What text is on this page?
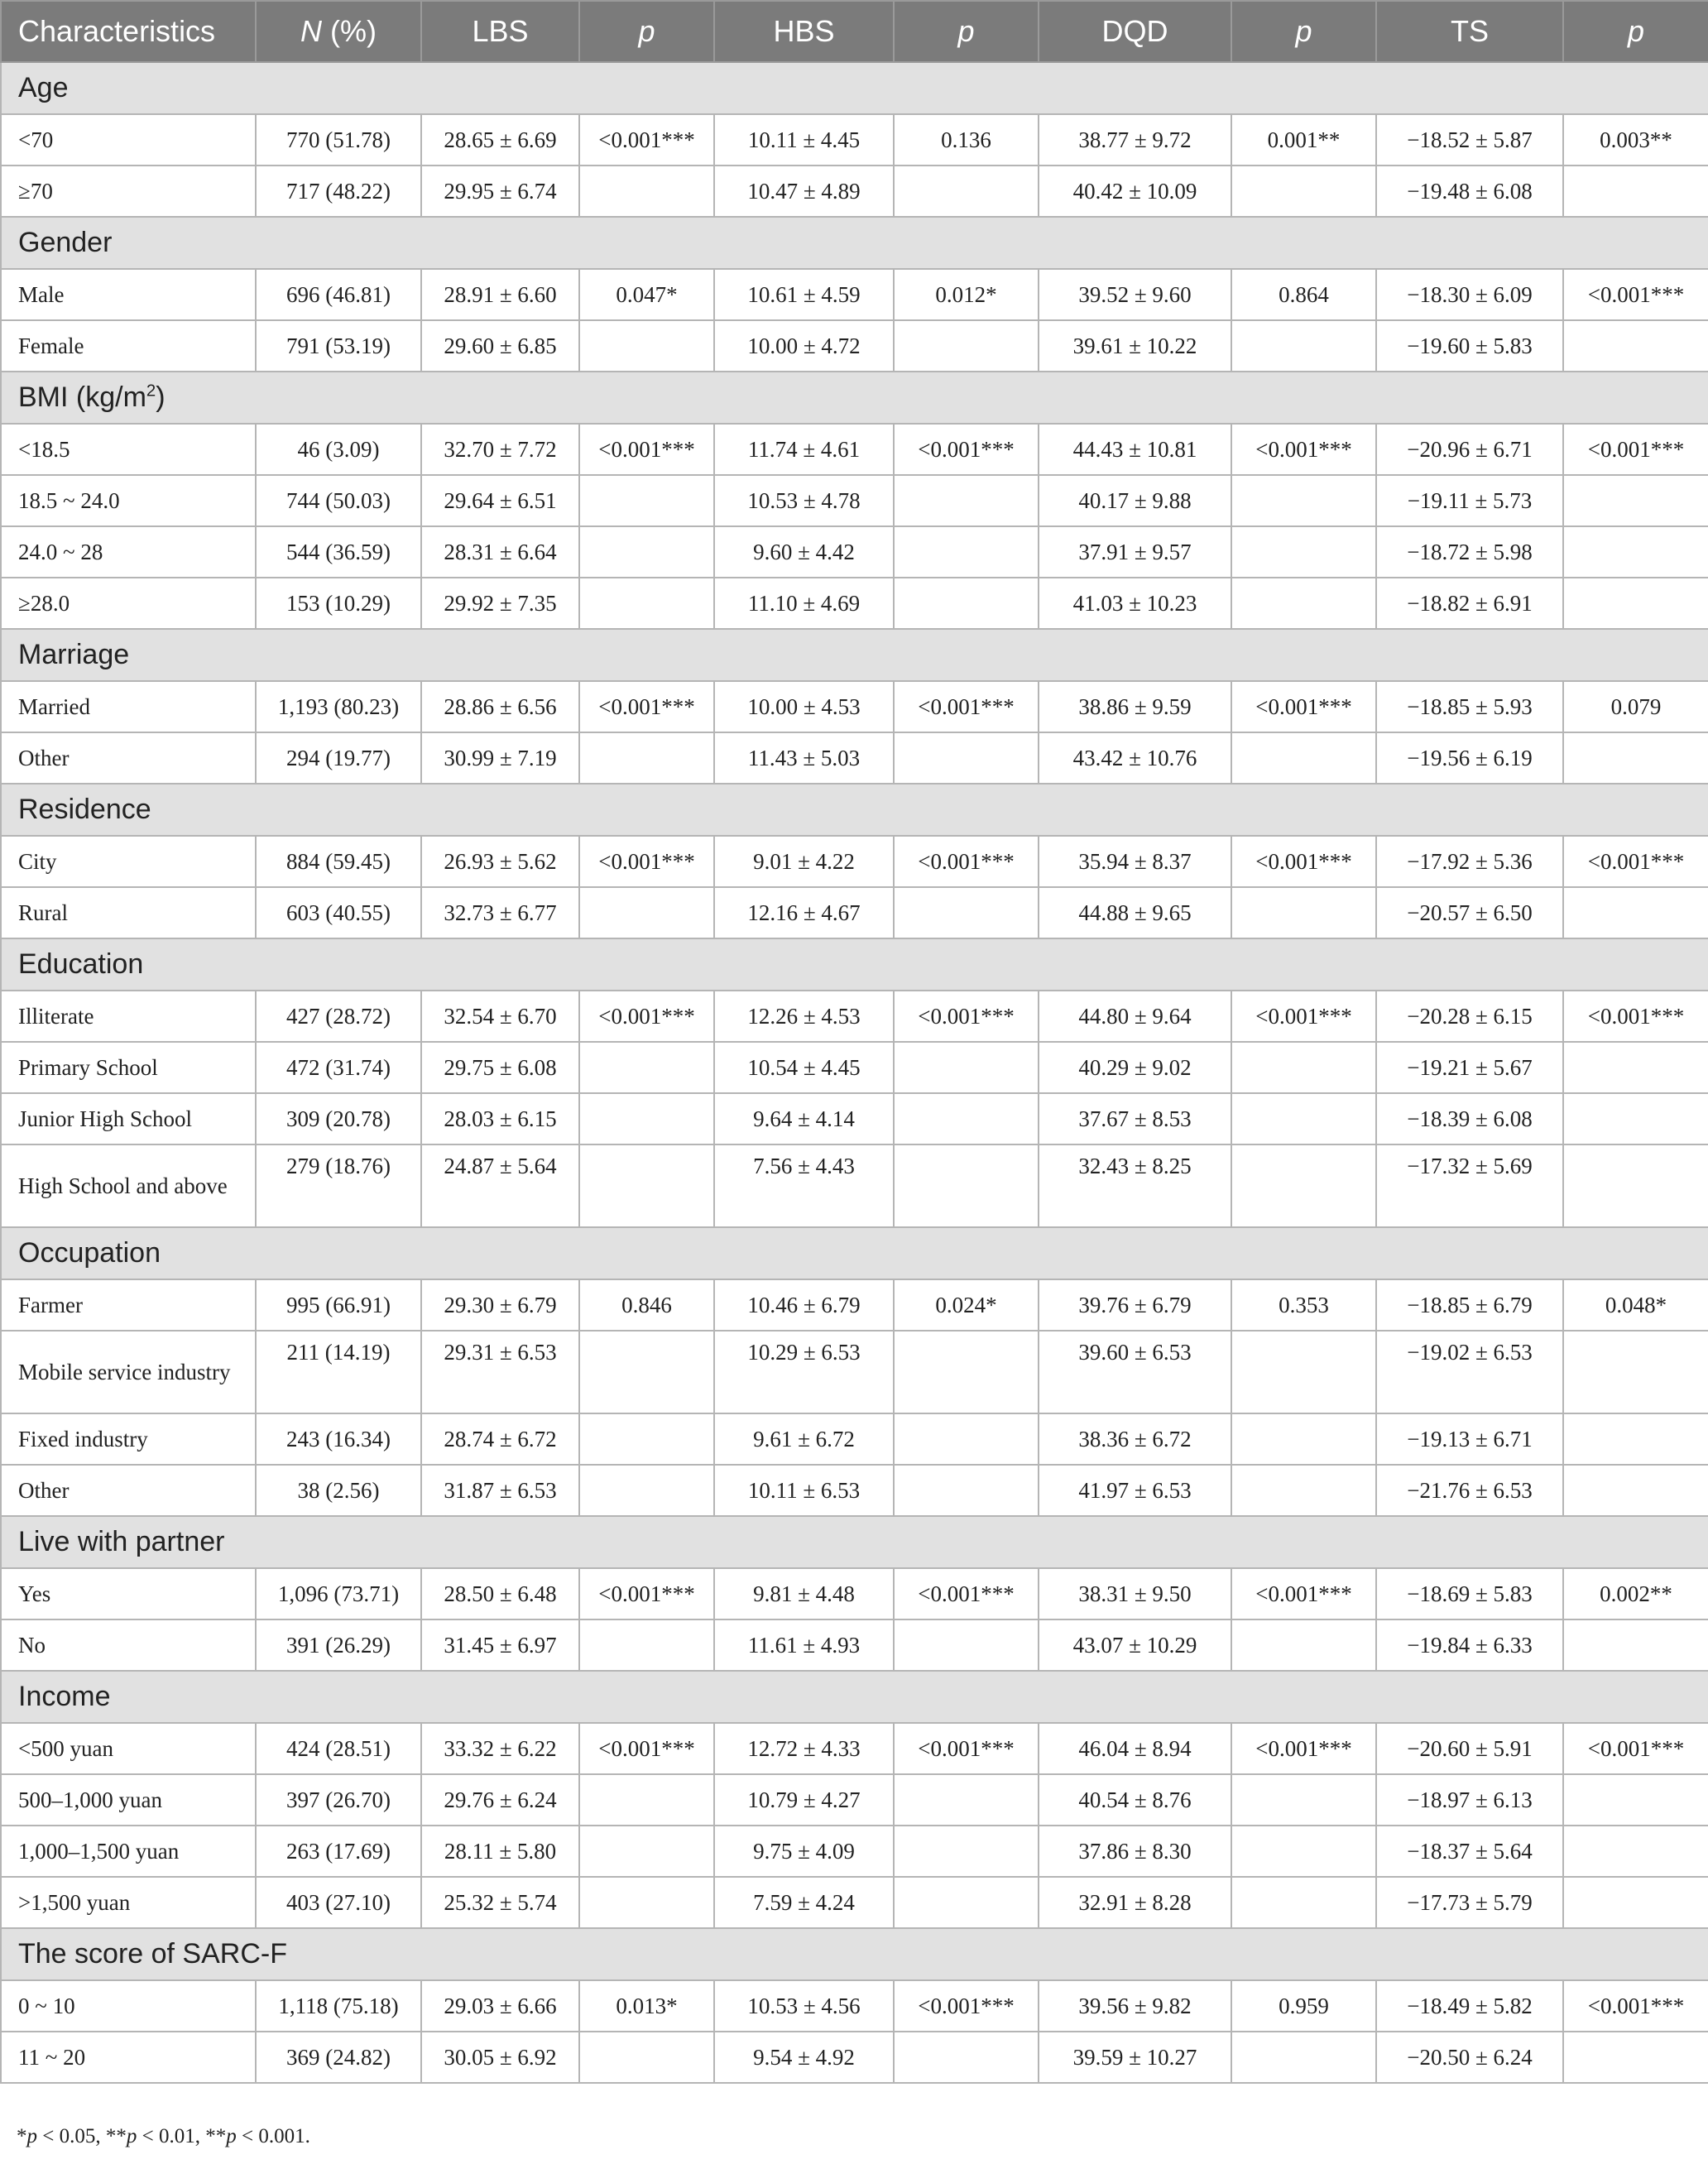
Characteristics	N (%)	LBS	p	HBS	p	DQD	p	TS	p
Age									
<70	770 (51.78)	28.65 ± 6.69	<0.001***	10.11 ± 4.45	0.136	38.77 ± 9.72	0.001**	−18.52 ± 5.87	0.003**
≥70	717 (48.22)	29.95 ± 6.74		10.47 ± 4.89		40.42 ± 10.09		−19.48 ± 6.08	
Gender									
Male	696 (46.81)	28.91 ± 6.60	0.047*	10.61 ± 4.59	0.012*	39.52 ± 9.60	0.864	−18.30 ± 6.09	<0.001***
Female	791 (53.19)	29.60 ± 6.85		10.00 ± 4.72		39.61 ± 10.22		−19.60 ± 5.83	
BMI $(kg/m^2)$									
<18.5	46 (3.09)	32.70 ± 7.72	<0.001***	11.74 ± 4.61	<0.001***	44.43 ± 10.81	<0.001***	−20.96 ± 6.71	<0.001***
18.5 ~ 24.0	744 (50.03)	29.64 ± 6.51		10.53 ± 4.78		40.17 ± 9.88		−19.11 ± 5.73	
24.0 ~ 28	544 (36.59)	28.31 ± 6.64		9.60 ± 4.42		37.91 ± 9.57		−18.72 ± 5.98	
≥28.0	153 (10.29)	29.92 ± 7.35		11.10 ± 4.69		41.03 ± 10.23		−18.82 ± 6.91	
Marriage									
Married	1,193 (80.23)	28.86 ± 6.56	<0.001***	10.00 ± 4.53	<0.001***	38.86 ± 9.59	<0.001***	−18.85 ± 5.93	0.079
Other	294 (19.77)	30.99 ± 7.19		11.43 ± 5.03		43.42 ± 10.76		−19.56 ± 6.19	
Residence									
City	884 (59.45)	26.93 ± 5.62	<0.001***	9.01 ± 4.22	<0.001***	35.94 ± 8.37	<0.001***	−17.92 ± 5.36	<0.001***
Rural	603 (40.55)	32.73 ± 6.77		12.16 ± 4.67		44.88 ± 9.65		−20.57 ± 6.50	
Education									
Illiterate	427 (28.72)	32.54 ± 6.70	<0.001***	12.26 ± 4.53	<0.001***	44.80 ± 9.64	<0.001***	−20.28 ± 6.15	<0.001***
Primary School	472 (31.74)	29.75 ± 6.08		10.54 ± 4.45		40.29 ± 9.02		−19.21 ± 5.67	
Junior High School	309 (20.78)	28.03 ± 6.15		9.64 ± 4.14		37.67 ± 8.53		−18.39 ± 6.08	
High School and above	279 (18.76)	24.87 ± 5.64		7.56 ± 4.43		32.43 ± 8.25		−17.32 ± 5.69	
Occupation									
Farmer	995 (66.91)	29.30 ± 6.79	0.846	10.46 ± 6.79	0.024*	39.76 ± 6.79	0.353	−18.85 ± 6.79	0.048*
Mobile service industry	211 (14.19)	29.31 ± 6.53		10.29 ± 6.53		39.60 ± 6.53		−19.02 ± 6.53	
Fixed industry	243 (16.34)	28.74 ± 6.72		9.61 ± 6.72		38.36 ± 6.72		−19.13 ± 6.71	
Other	38 (2.56)	31.87 ± 6.53		10.11 ± 6.53		41.97 ± 6.53		−21.76 ± 6.53	
Live with partner									
Yes	1,096 (73.71)	28.50 ± 6.48	<0.001***	9.81 ± 4.48	<0.001***	38.31 ± 9.50	<0.001***	−18.69 ± 5.83	0.002**
No	391 (26.29)	31.45 ± 6.97		11.61 ± 4.93		43.07 ± 10.29		−19.84 ± 6.33	
Income									
<500 yuan	424 (28.51)	33.32 ± 6.22	<0.001***	12.72 ± 4.33	<0.001***	46.04 ± 8.94	<0.001***	−20.60 ± 5.91	<0.001***
500–1,000 yuan	397 (26.70)	29.76 ± 6.24		10.79 ± 4.27		40.54 ± 8.76		−18.97 ± 6.13	
1,000–1,500 yuan	263 (17.69)	28.11 ± 5.80		9.75 ± 4.09		37.86 ± 8.30		−18.37 ± 5.64	
>1,500 yuan	403 (27.10)	25.32 ± 5.74		7.59 ± 4.24		32.91 ± 8.28		−17.73 ± 5.79	
The score of SARC-F									
0 ~ 10	1,118 (75.18)	29.03 ± 6.66	0.013*	10.53 ± 4.56	<0.001***	39.56 ± 9.82	0.959	−18.49 ± 5.82	<0.001***
11 ~ 20	369 (24.82)	30.05 ± 6.92		9.54 ± 4.92		39.59 ± 10.27		−20.50 ± 6.24	
*p < 0.05, **p < 0.01, **p < 0.001.
